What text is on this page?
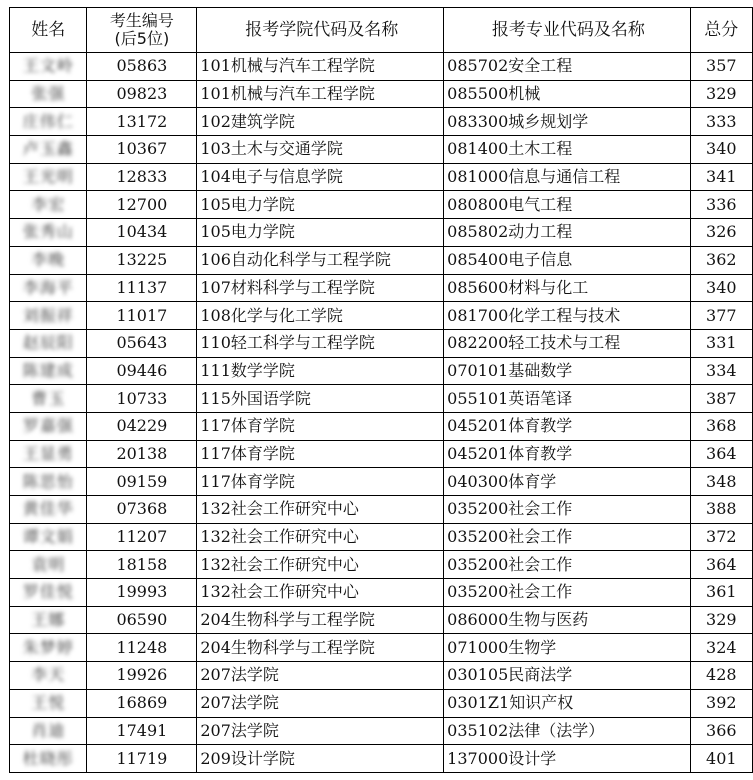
姓名	考生编号
(后5位)	报考学院代码及名称	报考专业代码及名称	总分
王文岭	05863	101机械与汽车工程学院	085702安全工程	357
张强	09823	101机械与汽车工程学院	085500机械	329
庄伟仁	13172	102建筑学院	083300城乡规划学	333
卢玉鑫	10367	103土木与交通学院	081400土木工程	340
王光明	12833	104电子与信息学院	081000信息与通信工程	341
李宏	12700	105电力学院	080800电气工程	336
张秀山	10434	105电力学院	085802动力工程	326
李晚	13225	106自动化科学与工程学院	085400电子信息	362
李海平	11137	107材料科学与工程学院	085600材料与化工	340
刘振祥	11017	108化学与化工学院	081700化学工程与技术	377
赵辰阳	05643	110轻工科学与工程学院	082200轻工技术与工程	331
陈建成	09446	111数学学院	070101基础数学	334
曹玉	10733	115外国语学院	055101英语笔译	387
罗嘉强	04229	117体育学院	045201体育教学	368
王显勇	20138	117体育学院	045201体育教学	364
陈思怡	09159	117体育学院	040300体育学	348
黄佳华	07368	132社会工作研究中心	035200社会工作	388
谭文娟	11207	132社会工作研究中心	035200社会工作	372
袁明	18158	132社会工作研究中心	035200社会工作	364
罗佳悦	19993	132社会工作研究中心	035200社会工作	361
王娜	06590	204生物科学与工程学院	086000生物与医药	329
朱梦婷	11248	204生物科学与工程学院	071000生物学	324
李天	19926	207法学院	030105民商法学	428
王悦	16869	207法学院	0301Z1知识产权	392
肖迪	17491	207法学院	035102法律（法学）	366
杜晓彤	11719	209设计学院	137000设计学	401
